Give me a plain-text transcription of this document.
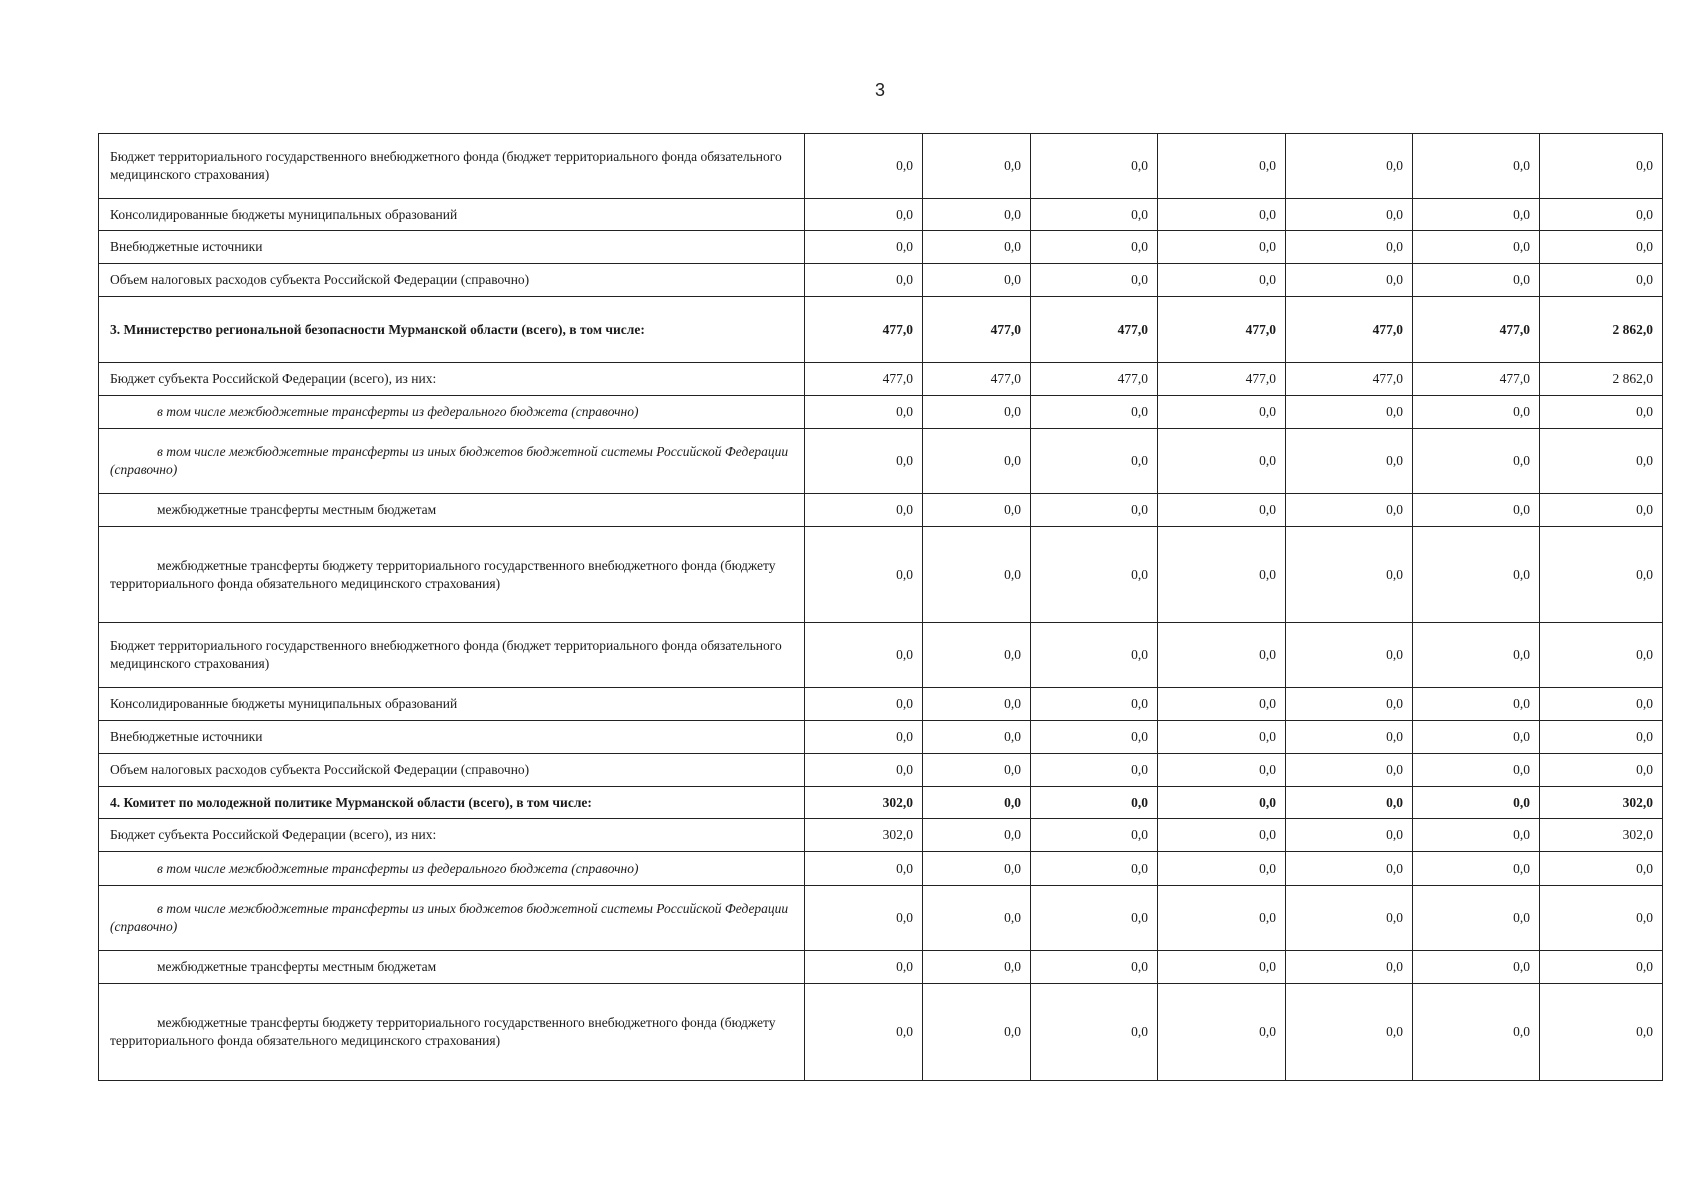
3
Бюджет территориального государственного внебюджетного фонда (бюджет территориального фонда обязательного медицинского страхования)	0,0	0,0	0,0	0,0	0,0	0,0	0,0
Консолидированные бюджеты муниципальных образований	0,0	0,0	0,0	0,0	0,0	0,0	0,0
Внебюджетные источники	0,0	0,0	0,0	0,0	0,0	0,0	0,0
Объем налоговых расходов субъекта Российской Федерации (справочно)	0,0	0,0	0,0	0,0	0,0	0,0	0,0
3. Министерство региональной безопасности Мурманской области (всего), в том числе:	477,0	477,0	477,0	477,0	477,0	477,0	2 862,0
Бюджет субъекта Российской Федерации (всего), из них:	477,0	477,0	477,0	477,0	477,0	477,0	2 862,0
в том числе межбюджетные трансферты из федерального бюджета (справочно)	0,0	0,0	0,0	0,0	0,0	0,0	0,0
в том числе межбюджетные трансферты из иных бюджетов бюджетной системы Российской Федерации (справочно)	0,0	0,0	0,0	0,0	0,0	0,0	0,0
межбюджетные трансферты местным бюджетам	0,0	0,0	0,0	0,0	0,0	0,0	0,0
межбюджетные трансферты бюджету территориального государственного внебюджетного фонда (бюджету территориального фонда обязательного медицинского страхования)	0,0	0,0	0,0	0,0	0,0	0,0	0,0
Бюджет территориального государственного внебюджетного фонда (бюджет территориального фонда обязательного медицинского страхования)	0,0	0,0	0,0	0,0	0,0	0,0	0,0
Консолидированные бюджеты муниципальных образований	0,0	0,0	0,0	0,0	0,0	0,0	0,0
Внебюджетные источники	0,0	0,0	0,0	0,0	0,0	0,0	0,0
Объем налоговых расходов субъекта Российской Федерации (справочно)	0,0	0,0	0,0	0,0	0,0	0,0	0,0
4. Комитет по молодежной политике Мурманской области (всего), в том числе:	302,0	0,0	0,0	0,0	0,0	0,0	302,0
Бюджет субъекта Российской Федерации (всего), из них:	302,0	0,0	0,0	0,0	0,0	0,0	302,0
в том числе межбюджетные трансферты из федерального бюджета (справочно)	0,0	0,0	0,0	0,0	0,0	0,0	0,0
в том числе межбюджетные трансферты из иных бюджетов бюджетной системы Российской Федерации (справочно)	0,0	0,0	0,0	0,0	0,0	0,0	0,0
межбюджетные трансферты местным бюджетам	0,0	0,0	0,0	0,0	0,0	0,0	0,0
межбюджетные трансферты бюджету территориального государственного внебюджетного фонда (бюджету территориального фонда обязательного медицинского страхования)	0,0	0,0	0,0	0,0	0,0	0,0	0,0
